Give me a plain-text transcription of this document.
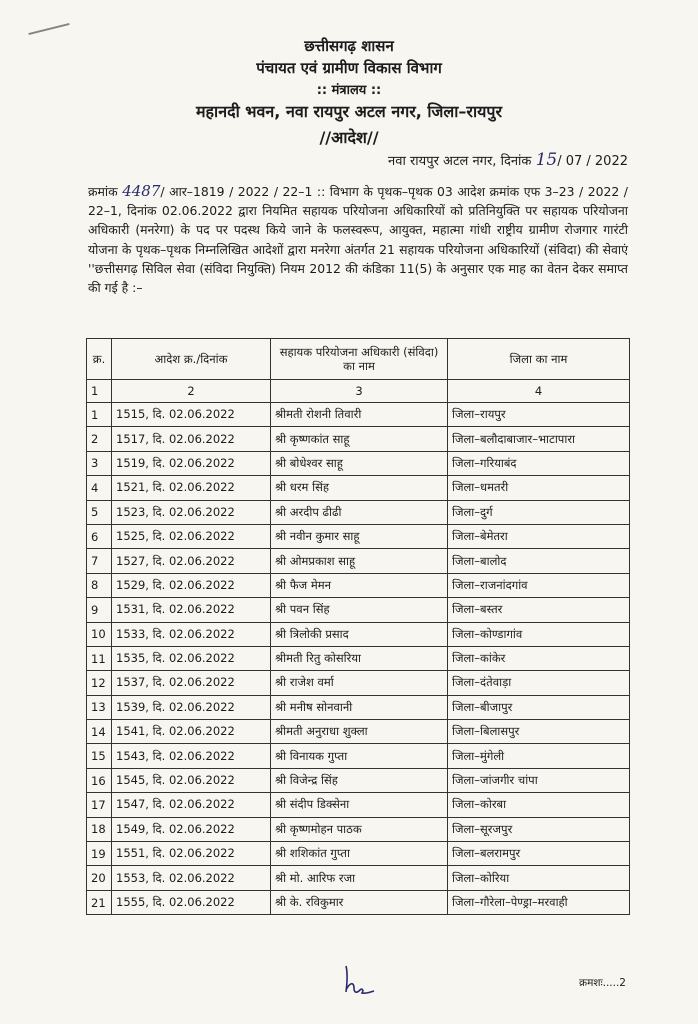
छत्तीसगढ़ शासन
पंचायत एवं ग्रामीण विकास विभाग
:: मंत्रालय ::
महानदी भवन, नवा रायपुर अटल नगर, जिला–रायपुर
//आदेश//
नवा रायपुर अटल नगर, दिनांक 15/ 07 / 2022
क्रमांक 4487/ आर–1819 / 2022 / 22–1 :: विभाग के पृथक–पृथक 03 आदेश क्रमांक एफ 3–23 / 2022 / 22–1, दिनांक 02.06.2022 द्वारा नियमित सहायक परियोजना अधिकारियों को प्रतिनियुक्ति पर सहायक परियोजना अधिकारी (मनरेगा) के पद पर पदस्थ किये जाने के फलस्वरूप, आयुक्त, महात्मा गांधी राष्ट्रीय ग्रामीण रोजगार गारंटी योजना के पृथक–पृथक निम्नलिखित आदेशों द्वारा मनरेगा अंतर्गत 21 सहायक परियोजना अधिकारियों (संविदा) की सेवाएं ''छत्तीसगढ़ सिविल सेवा (संविदा नियुक्ति) नियम 2012 की कंडिका 11(5) के अनुसार एक माह का वेतन देकर समाप्त की गई है :–
क्र.	आदेश क्र./दिनांक	सहायक परियोजना अधिकारी (संविदा) का नाम	जिला का नाम
1	2	3	4
1	1515, दि. 02.06.2022	श्रीमती रोशनी तिवारी	जिला–रायपुर
2	1517, दि. 02.06.2022	श्री कृष्णकांत साहू	जिला–बलौदाबाजार–भाटापारा
3	1519, दि. 02.06.2022	श्री बोधेश्वर साहू	जिला–गरियाबंद
4	1521, दि. 02.06.2022	श्री धरम सिंह	जिला–धमतरी
5	1523, दि. 02.06.2022	श्री अरदीप ढीढी	जिला–दुर्ग
6	1525, दि. 02.06.2022	श्री नवीन कुमार साहू	जिला–बेमेतरा
7	1527, दि. 02.06.2022	श्री ओमप्रकाश साहू	जिला–बालोद
8	1529, दि. 02.06.2022	श्री फैज मेमन	जिला–राजनांदगांव
9	1531, दि. 02.06.2022	श्री पवन सिंह	जिला–बस्तर
10	1533, दि. 02.06.2022	श्री त्रिलोकी प्रसाद	जिला–कोण्डागांव
11	1535, दि. 02.06.2022	श्रीमती रितु कोसरिया	जिला–कांकेर
12	1537, दि. 02.06.2022	श्री राजेश वर्मा	जिला–दंतेवाड़ा
13	1539, दि. 02.06.2022	श्री मनीष सोनवानी	जिला–बीजापुर
14	1541, दि. 02.06.2022	श्रीमती अनुराधा शुक्ला	जिला–बिलासपुर
15	1543, दि. 02.06.2022	श्री विनायक गुप्ता	जिला–मुंगेली
16	1545, दि. 02.06.2022	श्री विजेन्द्र सिंह	जिला–जांजगीर चांपा
17	1547, दि. 02.06.2022	श्री संदीप डिक्सेना	जिला–कोरबा
18	1549, दि. 02.06.2022	श्री कृष्णमोहन पाठक	जिला–सूरजपुर
19	1551, दि. 02.06.2022	श्री शशिकांत गुप्ता	जिला–बलरामपुर
20	1553, दि. 02.06.2022	श्री मो. आरिफ रजा	जिला–कोरिया
21	1555, दि. 02.06.2022	श्री के. रविकुमार	जिला–गौरेला–पेण्ड्रा–मरवाही
क्रमशः.....2
